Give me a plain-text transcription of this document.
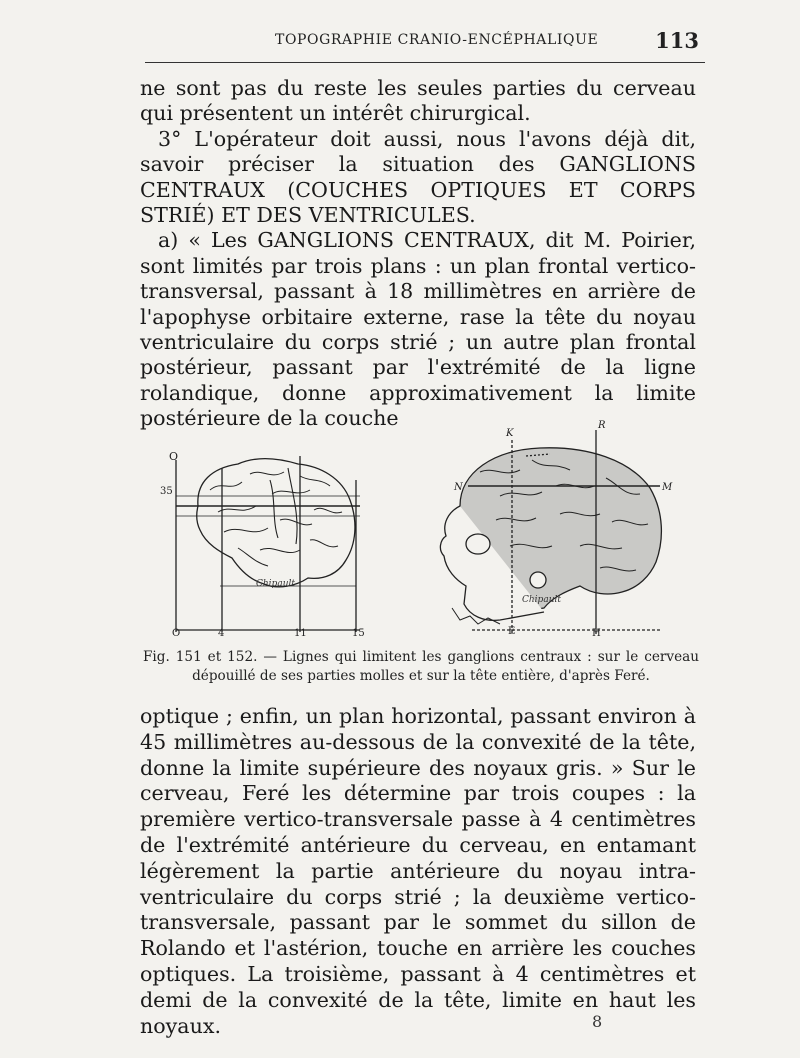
TOPOGRAPHIE CRANIO-ENCÉPHALIQUE	113

ne sont pas du reste les seules parties du cerveau qui présentent un intérêt chirurgical.

3° L'opérateur doit aussi, nous l'avons déjà dit, savoir préciser la situation des GANGLIONS CENTRAUX (COUCHES OPTIQUES ET CORPS STRIÉ) ET DES VENTRICULES.

a) « Les GANGLIONS CENTRAUX, dit M. Poirier, sont limités par trois plans : un plan frontal vertico-transversal, passant à 18 millimètres en arrière de l'apophyse orbitaire externe, rase la tête du noyau ventriculaire du corps strié ; un autre plan frontal postérieur, passant par l'extrémité de la ligne rolandique, donne approximativement la limite postérieure de la couche

O
35
O	4	11	15
Chipault
K
R
N	M
E	H
Chipault
Fig. 151 et 152. — Lignes qui limitent les ganglions centraux : sur le cerveau
dépouillé de ses parties molles et sur la tête entière, d'après Feré.

optique ; enfin, un plan horizontal, passant environ à 45 millimètres au-dessous de la convexité de la tête, donne la limite supérieure des noyaux gris. » Sur le cerveau, Feré les détermine par trois coupes : la première vertico-transversale passe à 4 centimètres de l'extrémité antérieure du cerveau, en entamant légèrement la partie antérieure du noyau intra-ventriculaire du corps strié ; la deuxième vertico-transversale, passant par le sommet du sillon de Rolando et l'astérion, touche en arrière les couches optiques. La troisième, passant à 4 centimètres et demi de la convexité de la tête, limite en haut les noyaux.	8
